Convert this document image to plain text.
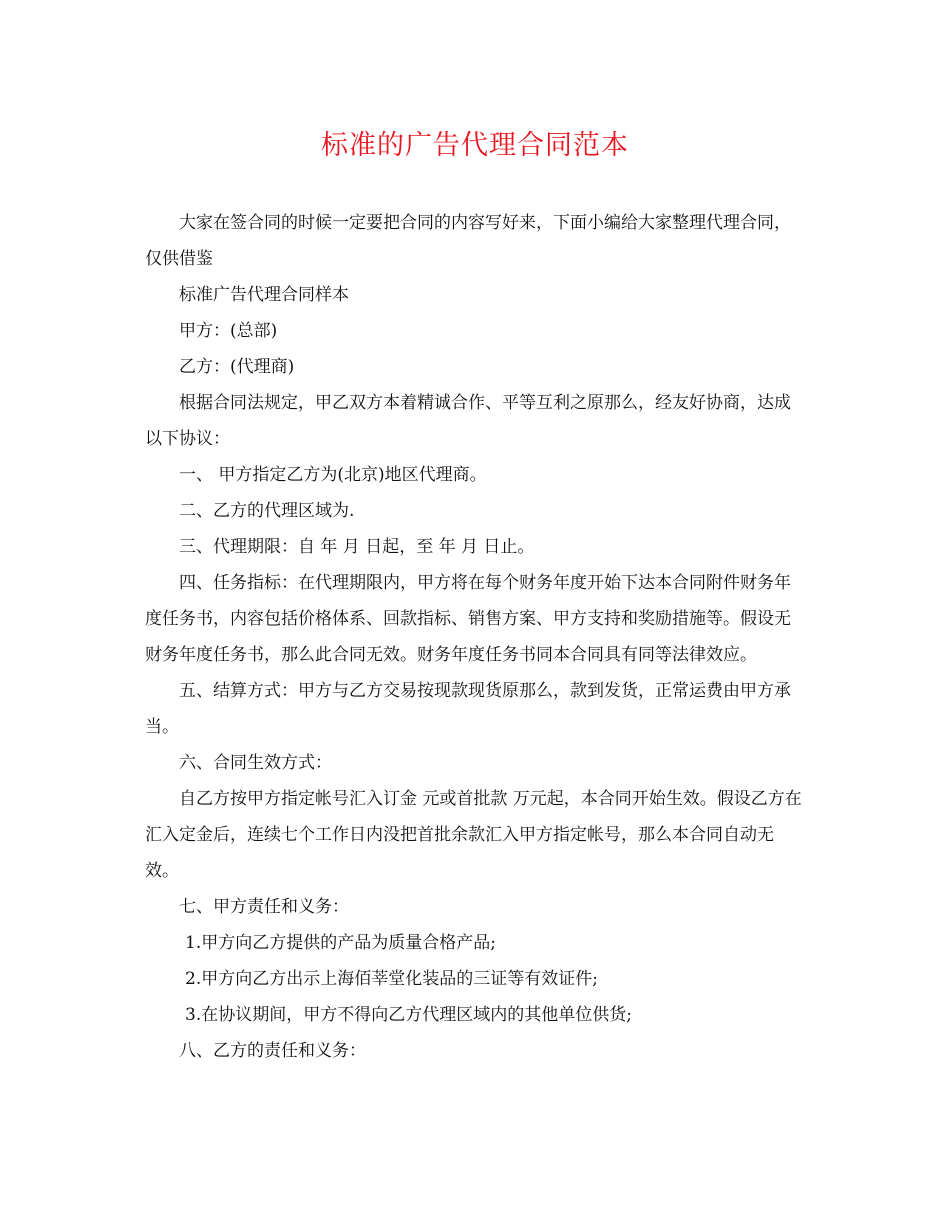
标准的广告代理合同范本

大家在签合同的时候一定要把合同的内容写好来，下面小编给大家整理代理合同，仅供借鉴

标准广告代理合同样本

甲方：(总部)

乙方：(代理商)

根据合同法规定，甲乙双方本着精诚合作、平等互利之原那么，经友好协商，达成以下协议：

一、 甲方指定乙方为(北京)地区代理商。

二、乙方的代理区域为.

三、代理期限：自 年 月 日起，至 年 月 日止。

四、任务指标：在代理期限内，甲方将在每个财务年度开始下达本合同附件财务年度任务书，内容包括价格体系、回款指标、销售方案、甲方支持和奖励措施等。假设无财务年度任务书，那么此合同无效。财务年度任务书同本合同具有同等法律效应。

五、结算方式：甲方与乙方交易按现款现货原那么，款到发货，正常运费由甲方承当。

六、合同生效方式：

自乙方按甲方指定帐号汇入订金 元或首批款 万元起，本合同开始生效。假设乙方在汇入定金后，连续七个工作日内没把首批余款汇入甲方指定帐号，那么本合同自动无效。

七、甲方责任和义务：

1.甲方向乙方提供的产品为质量合格产品;

2.甲方向乙方出示上海佰莘堂化装品的三证等有效证件;

3.在协议期间，甲方不得向乙方代理区域内的其他单位供货;

八、乙方的责任和义务：
